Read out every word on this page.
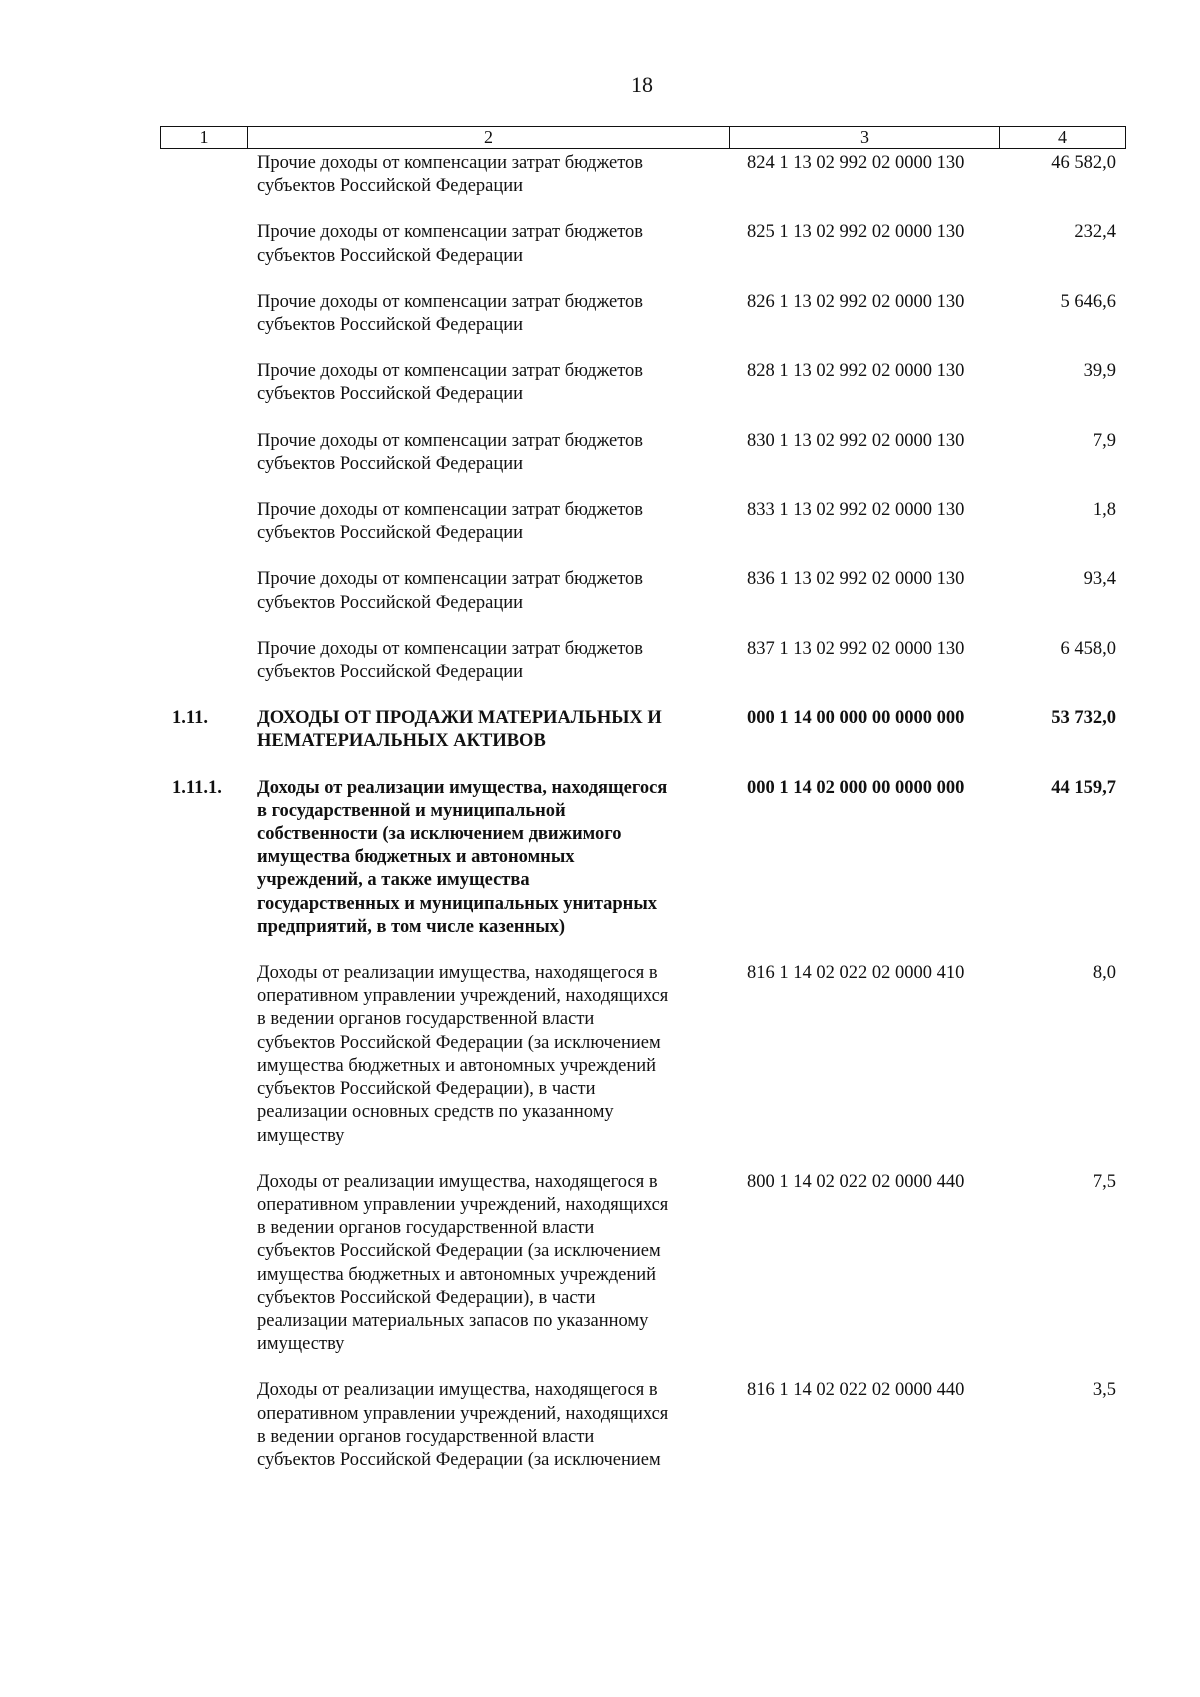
18
1	2	3	4
Прочие доходы от компенсации затрат бюджетов
субъектов Российской Федерации
824 1 13 02 992 02 0000 130	46 582,0
Прочие доходы от компенсации затрат бюджетов
субъектов Российской Федерации
825 1 13 02 992 02 0000 130	232,4
Прочие доходы от компенсации затрат бюджетов
субъектов Российской Федерации
826 1 13 02 992 02 0000 130	5 646,6
Прочие доходы от компенсации затрат бюджетов
субъектов Российской Федерации
828 1 13 02 992 02 0000 130	39,9
Прочие доходы от компенсации затрат бюджетов
субъектов Российской Федерации
830 1 13 02 992 02 0000 130	7,9
Прочие доходы от компенсации затрат бюджетов
субъектов Российской Федерации
833 1 13 02 992 02 0000 130	1,8
Прочие доходы от компенсации затрат бюджетов
субъектов Российской Федерации
836 1 13 02 992 02 0000 130	93,4
Прочие доходы от компенсации затрат бюджетов
субъектов Российской Федерации
837 1 13 02 992 02 0000 130	6 458,0
1.11.	ДОХОДЫ ОТ ПРОДАЖИ МАТЕРИАЛЬНЫХ И
НЕМАТЕРИАЛЬНЫХ АКТИВОВ
000 1 14 00 000 00 0000 000	53 732,0
1.11.1.	Доходы от реализации имущества, находящегося
в государственной и муниципальной
собственности (за исключением движимого
имущества бюджетных и автономных
учреждений, а также имущества
государственных и муниципальных унитарных
предприятий, в том числе казенных)
000 1 14 02 000 00 0000 000	44 159,7
Доходы от реализации имущества, находящегося в
оперативном управлении учреждений, находящихся
в ведении органов государственной власти
субъектов Российской Федерации (за исключением
имущества бюджетных и автономных учреждений
субъектов Российской Федерации), в части
реализации основных средств по указанному
имуществу
816 1 14 02 022 02 0000 410	8,0
Доходы от реализации имущества, находящегося в
оперативном управлении учреждений, находящихся
в ведении органов государственной власти
субъектов Российской Федерации (за исключением
имущества бюджетных и автономных учреждений
субъектов Российской Федерации), в части
реализации материальных запасов по указанному
имуществу
800 1 14 02 022 02 0000 440	7,5
Доходы от реализации имущества, находящегося в
оперативном управлении учреждений, находящихся
в ведении органов государственной власти
субъектов Российской Федерации (за исключением
816 1 14 02 022 02 0000 440	3,5
